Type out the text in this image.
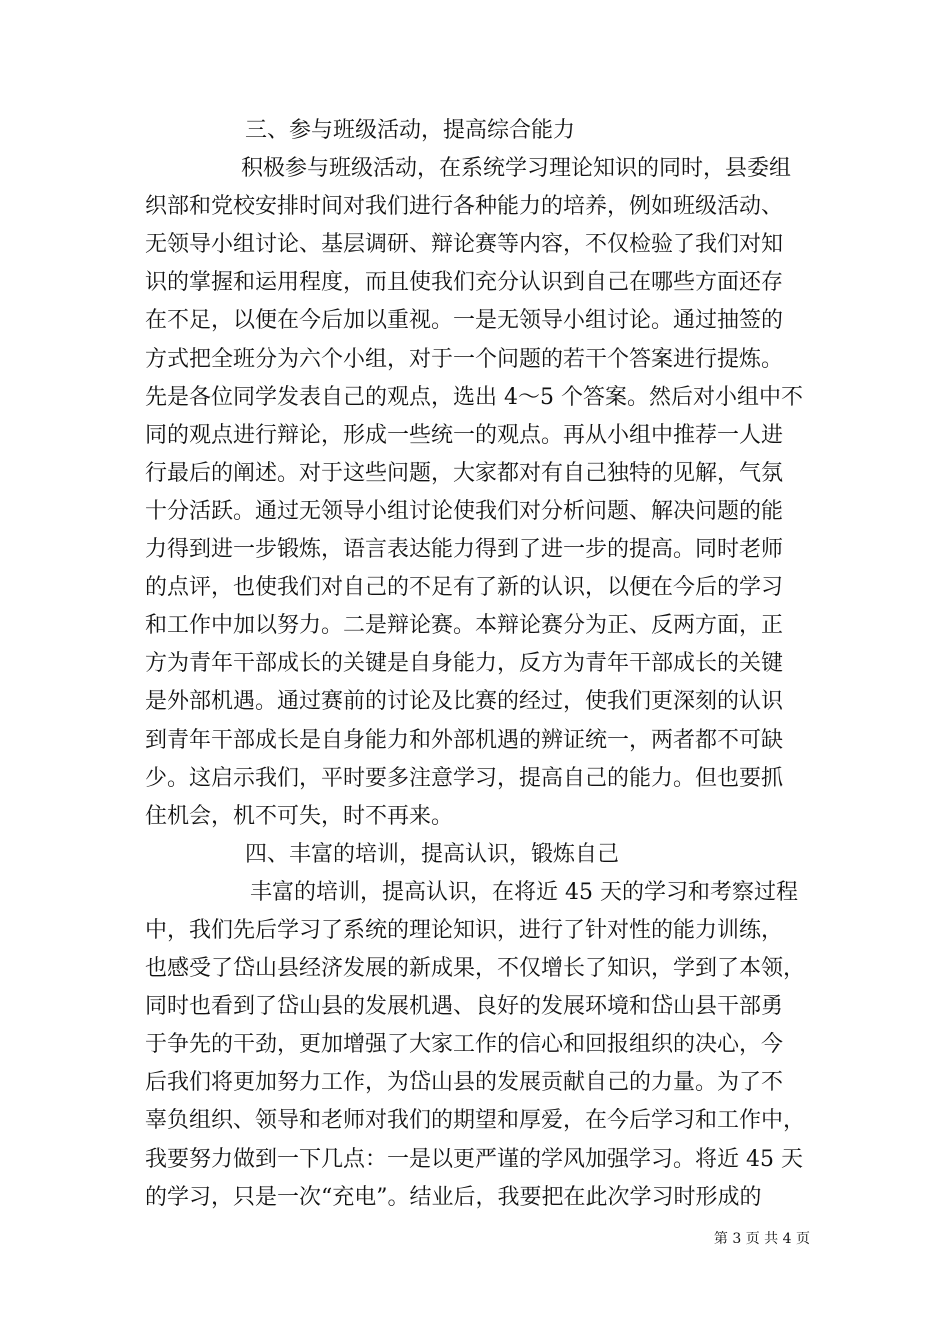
三、参与班级活动，提高综合能力
积极参与班级活动，在系统学习理论知识的同时，县委组
织部和党校安排时间对我们进行各种能力的培养，例如班级活动、
无领导小组讨论、基层调研、辩论赛等内容，不仅检验了我们对知
识的掌握和运用程度，而且使我们充分认识到自己在哪些方面还存
在不足，以便在今后加以重视。一是无领导小组讨论。通过抽签的
方式把全班分为六个小组，对于一个问题的若干个答案进行提炼。
先是各位同学发表自己的观点，选出 4～5 个答案。然后对小组中不
同的观点进行辩论，形成一些统一的观点。再从小组中推荐一人进
行最后的阐述。对于这些问题，大家都对有自己独特的见解，气氛
十分活跃。通过无领导小组讨论使我们对分析问题、解决问题的能
力得到进一步锻炼，语言表达能力得到了进一步的提高。同时老师
的点评，也使我们对自己的不足有了新的认识，以便在今后的学习
和工作中加以努力。二是辩论赛。本辩论赛分为正、反两方面，正
方为青年干部成长的关键是自身能力，反方为青年干部成长的关键
是外部机遇。通过赛前的讨论及比赛的经过，使我们更深刻的认识
到青年干部成长是自身能力和外部机遇的辨证统一，两者都不可缺
少。这启示我们，平时要多注意学习，提高自己的能力。但也要抓
住机会，机不可失，时不再来。
四、丰富的培训，提高认识，锻炼自己
丰富的培训，提高认识，在将近 45 天的学习和考察过程
中，我们先后学习了系统的理论知识，进行了针对性的能力训练，
也感受了岱山县经济发展的新成果，不仅增长了知识，学到了本领，
同时也看到了岱山县的发展机遇、良好的发展环境和岱山县干部勇
于争先的干劲，更加增强了大家工作的信心和回报组织的决心，今
后我们将更加努力工作，为岱山县的发展贡献自己的力量。为了不
辜负组织、领导和老师对我们的期望和厚爱，在今后学习和工作中，
我要努力做到一下几点：一是以更严谨的学风加强学习。将近 45 天
的学习，只是一次“充电”。结业后，我要把在此次学习时形成的
第 3 页 共 4 页
